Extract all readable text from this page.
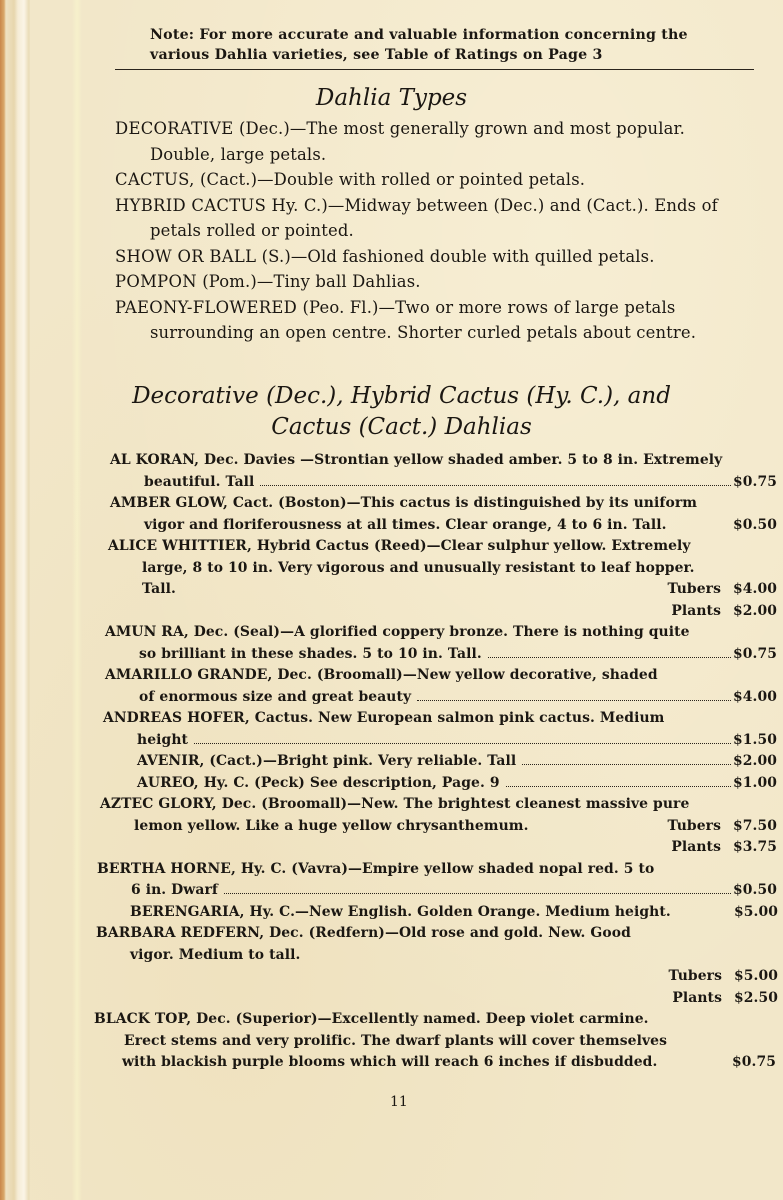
Note: For more accurate and valuable information concerning the various Dahlia varieties, see Table of Ratings on Page 3
Dahlia Types
DECORATIVE (Dec.)—The most generally grown and most popular. Double, large petals.
CACTUS, (Cact.)—Double with rolled or pointed petals.
HYBRID CACTUS Hy. C.)—Midway between (Dec.) and (Cact.). Ends of petals rolled or pointed.
SHOW OR BALL (S.)—Old fashioned double with quilled petals.
POMPON (Pom.)—Tiny ball Dahlias.
PAEONY-FLOWERED (Peo. Fl.)—Two or more rows of large petals surrounding an open centre. Shorter curled petals about centre.
Decorative (Dec.), Hybrid Cactus (Hy. C.), and
Cactus (Cact.) Dahlias
AL KORAN, Dec. Davies —Strontian yellow shaded amber. 5 to 8 in. Extremely
beautiful. Tall	$0.75
AMBER GLOW, Cact. (Boston)—This cactus is distinguished by its uniform
vigor and floriferousness at all times. Clear orange, 4 to 6 in. Tall.	$0.50
ALICE WHITTIER, Hybrid Cactus (Reed)—Clear sulphur yellow. Extremely
large, 8 to 10 in. Very vigorous and unusually resistant to leaf hopper.
Tall.	Tubers $4.00
Plants $2.00
AMUN RA, Dec. (Seal)—A glorified coppery bronze. There is nothing quite
so brilliant in these shades. 5 to 10 in. Tall.	$0.75
AMARILLO GRANDE, Dec. (Broomall)—New yellow decorative, shaded
of enormous size and great beauty	$4.00
ANDREAS HOFER, Cactus. New European salmon pink cactus. Medium
height	$1.50
AVENIR, (Cact.)—Bright pink. Very reliable. Tall	$2.00
AUREO, Hy. C. (Peck) See description, Page. 9	$1.00
AZTEC GLORY, Dec. (Broomall)—New. The brightest cleanest massive pure
lemon yellow. Like a huge yellow chrysanthemum.	Tubers $7.50
Plants $3.75
BERTHA HORNE, Hy. C. (Vavra)—Empire yellow shaded nopal red. 5 to
6 in. Dwarf	$0.50
BERENGARIA, Hy. C.—New English. Golden Orange. Medium height.	$5.00
BARBARA REDFERN, Dec. (Redfern)—Old rose and gold. New. Good
vigor. Medium to tall.
Tubers $5.00
Plants $2.50
BLACK TOP, Dec. (Superior)—Excellently named. Deep violet carmine.
Erect stems and very prolific. The dwarf plants will cover themselves
with blackish purple blooms which will reach 6 inches if disbudded.	$0.75
11
